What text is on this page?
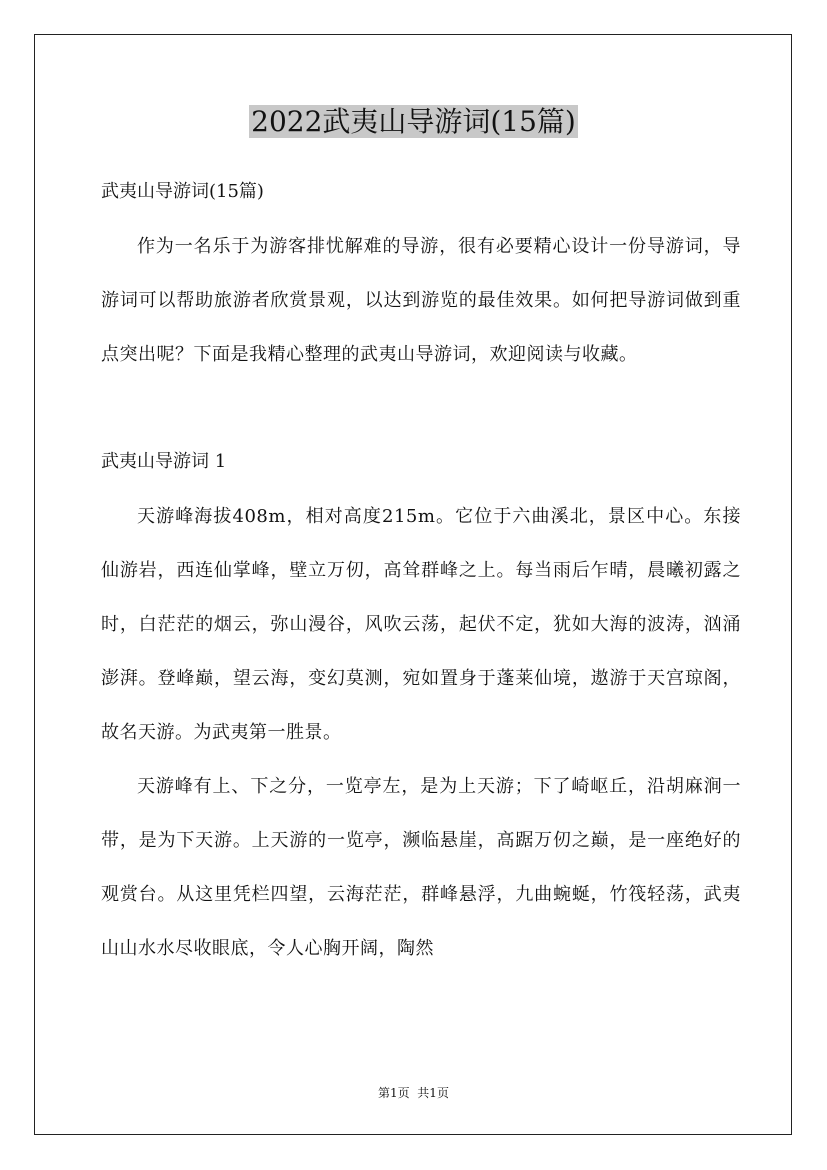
2022武夷山导游词(15篇)

武夷山导游词(15篇)

作为一名乐于为游客排忧解难的导游，很有必要精心设计一份导游词，导游词可以帮助旅游者欣赏景观，以达到游览的最佳效果。如何把导游词做到重点突出呢？下面是我精心整理的武夷山导游词，欢迎阅读与收藏。

武夷山导游词 1

天游峰海拔408m，相对高度215m。它位于六曲溪北，景区中心。东接仙游岩，西连仙掌峰，壁立万仞，高耸群峰之上。每当雨后乍晴，晨曦初露之时，白茫茫的烟云，弥山漫谷，风吹云荡，起伏不定，犹如大海的波涛，汹涌澎湃。登峰巅，望云海，变幻莫测，宛如置身于蓬莱仙境，遨游于天宫琼阁，故名天游。为武夷第一胜景。

天游峰有上、下之分，一览亭左，是为上天游；下了崎岖丘，沿胡麻涧一带，是为下天游。上天游的一览亭，濒临悬崖，高踞万仞之巅，是一座绝好的观赏台。从这里凭栏四望，云海茫茫，群峰悬浮，九曲蜿蜒，竹筏轻荡，武夷山山水水尽收眼底，令人心胸开阔，陶然

第1页  共1页
